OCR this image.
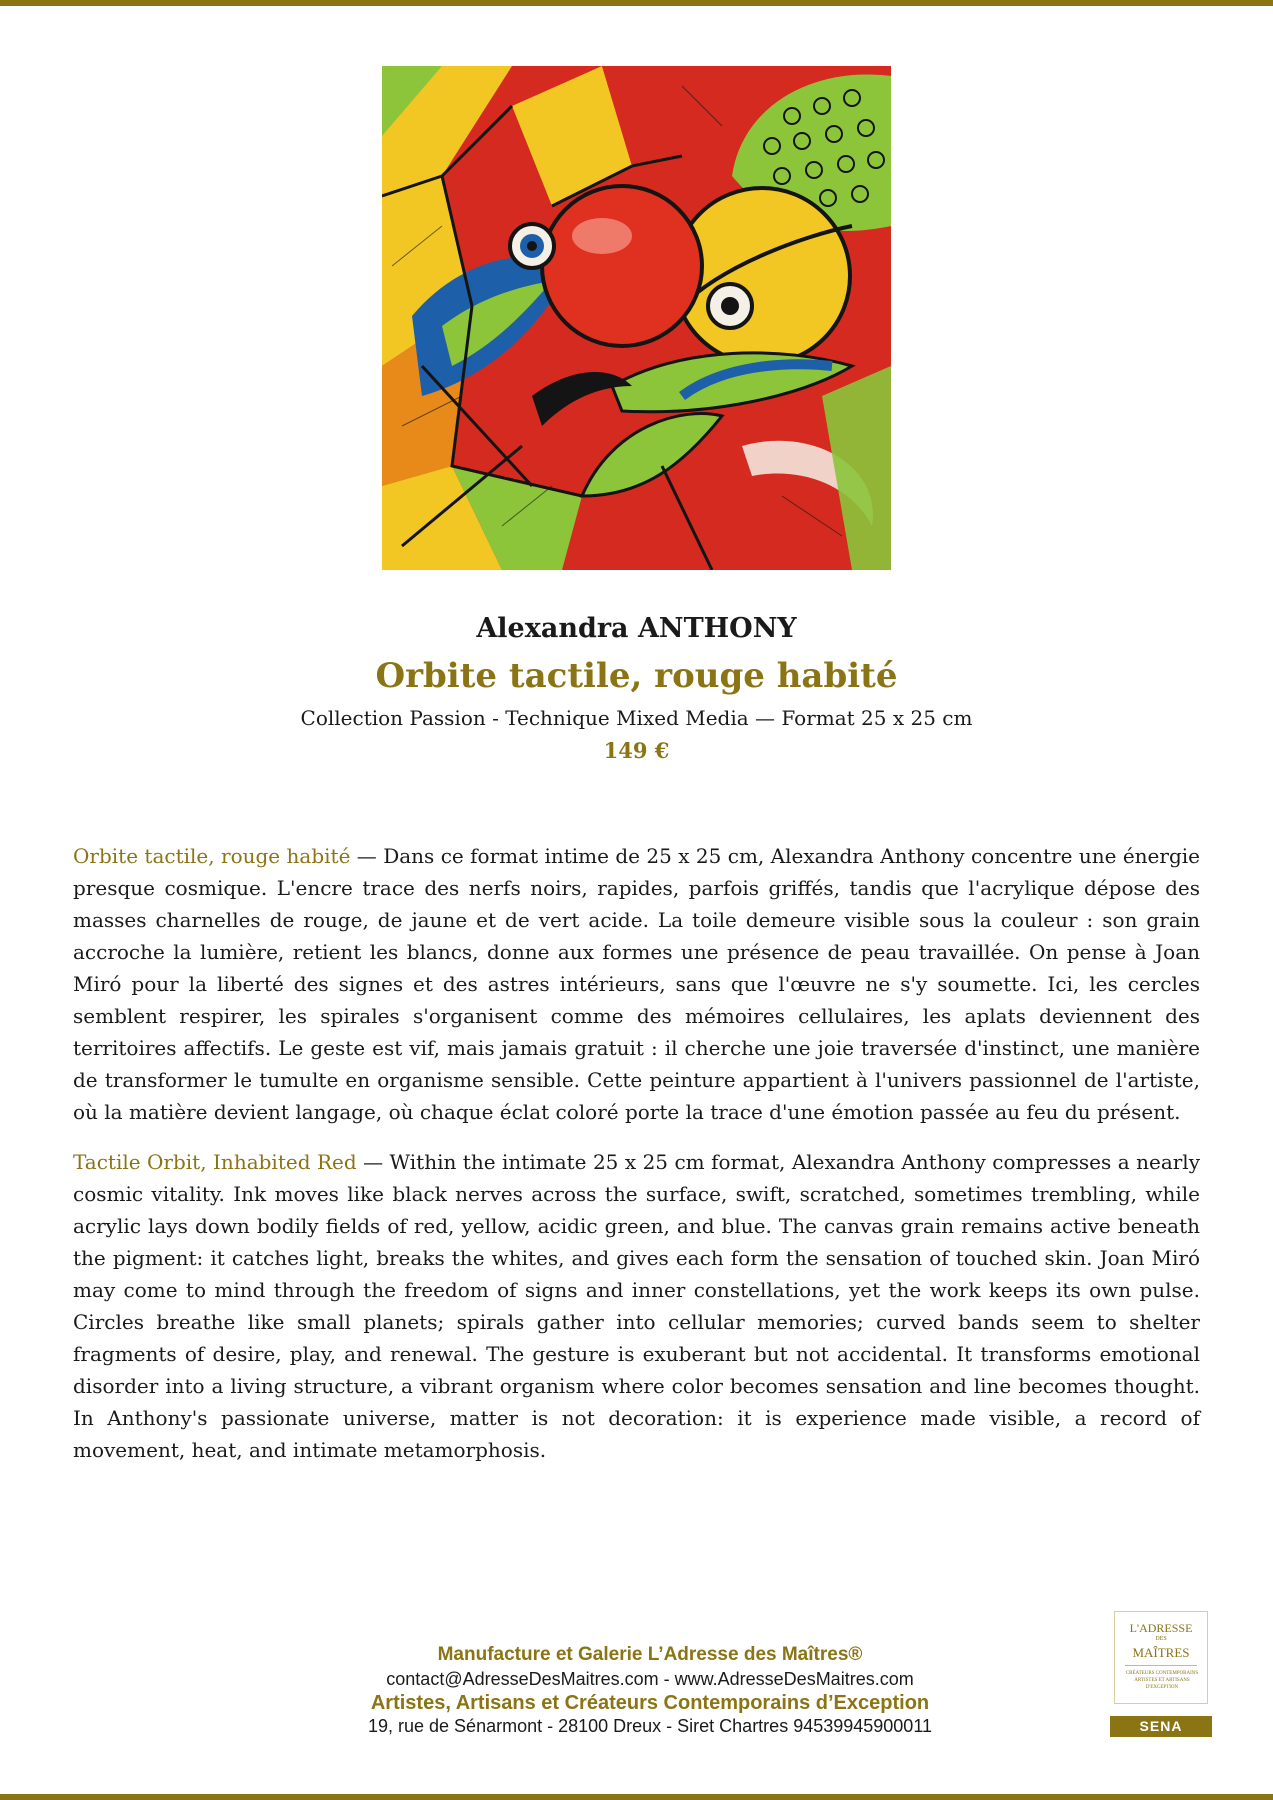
Alexandra ANTHONY
Orbite tactile, rouge habité
Collection Passion - Technique Mixed Media — Format 25 x 25 cm
149 €
Orbite tactile, rouge habité — Dans ce format intime de 25 x 25 cm, Alexandra Anthony concentre une énergie presque cosmique. L'encre trace des nerfs noirs, rapides, parfois griffés, tandis que l'acrylique dépose des masses charnelles de rouge, de jaune et de vert acide. La toile demeure visible sous la couleur : son grain accroche la lumière, retient les blancs, donne aux formes une présence de peau travaillée. On pense à Joan Miró pour la liberté des signes et des astres intérieurs, sans que l'œuvre ne s'y soumette. Ici, les cercles semblent respirer, les spirales s'organisent comme des mémoires cellulaires, les aplats deviennent des territoires affectifs. Le geste est vif, mais jamais gratuit : il cherche une joie traversée d'instinct, une manière de transformer le tumulte en organisme sensible. Cette peinture appartient à l'univers passionnel de l'artiste, où la matière devient langage, où chaque éclat coloré porte la trace d'une émotion passée au feu du présent.
Tactile Orbit, Inhabited Red — Within the intimate 25 x 25 cm format, Alexandra Anthony compresses a nearly cosmic vitality. Ink moves like black nerves across the surface, swift, scratched, sometimes trembling, while acrylic lays down bodily fields of red, yellow, acidic green, and blue. The canvas grain remains active beneath the pigment: it catches light, breaks the whites, and gives each form the sensation of touched skin. Joan Miró may come to mind through the freedom of signs and inner constellations, yet the work keeps its own pulse. Circles breathe like small planets; spirals gather into cellular memories; curved bands seem to shelter fragments of desire, play, and renewal. The gesture is exuberant but not accidental. It transforms emotional disorder into a living structure, a vibrant organism where color becomes sensation and line becomes thought. In Anthony's passionate universe, matter is not decoration: it is experience made visible, a record of movement, heat, and intimate metamorphosis.
Manufacture et Galerie L’Adresse des Maîtres®
contact@AdresseDesMaitres.com - www.AdresseDesMaitres.com
Artistes, Artisans et Créateurs Contemporains d’Exception
19, rue de Sénarmont - 28100 Dreux - Siret Chartres 94539945900011
L'ADRESSE
DES
MAÎTRES
CRÉATEURS CONTEMPORAINS ARTISTES ET ARTISANS D'EXCEPTION
SENA
